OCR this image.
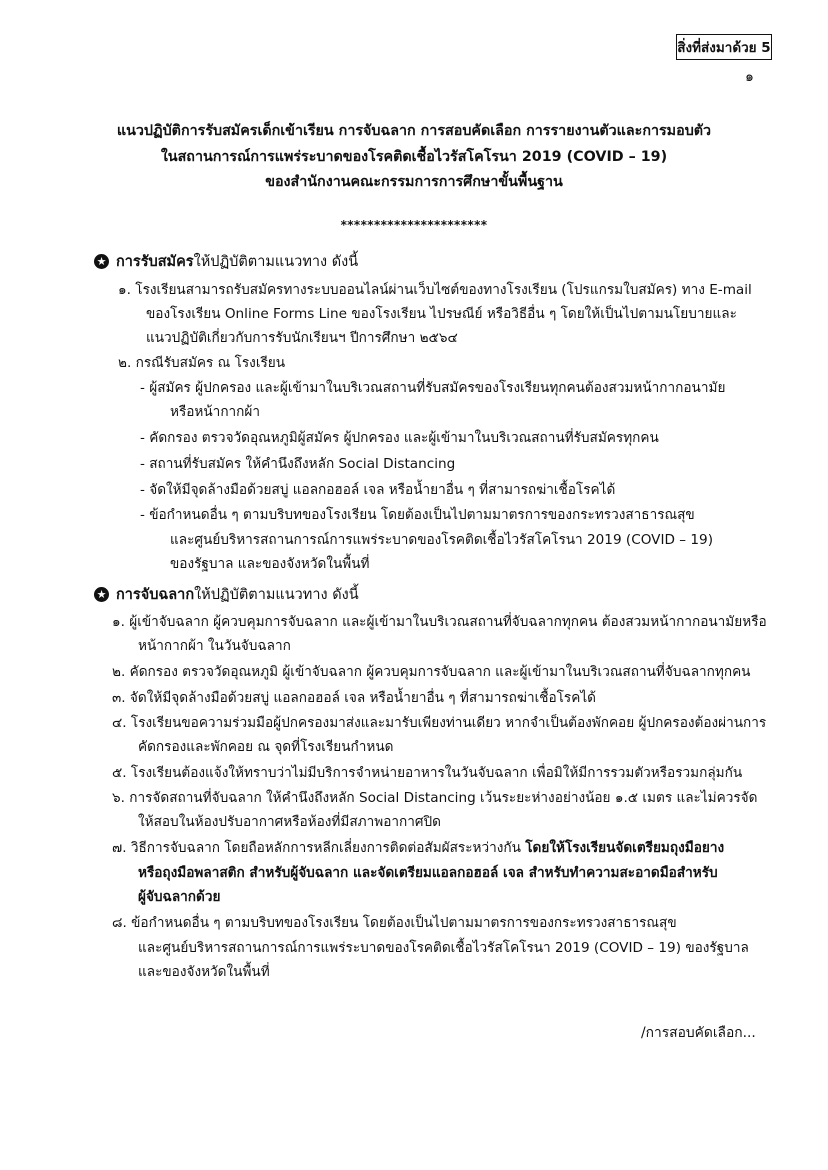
สิ่งที่ส่งมาด้วย 5
๑
แนวปฏิบัติการรับสมัครเด็กเข้าเรียน การจับฉลาก การสอบคัดเลือก การรายงานตัวและการมอบตัว
ในสถานการณ์การแพร่ระบาดของโรคติดเชื้อไวรัสโคโรนา 2019 (COVID – 19)
ของสำนักงานคณะกรรมการการศึกษาขั้นพื้นฐาน
**********************
★ การรับสมัคร ให้ปฏิบัติตามแนวทาง ดังนี้
๑. โรงเรียนสามารถรับสมัครทางระบบออนไลน์ผ่านเว็บไซต์ของทางโรงเรียน (โปรแกรมใบสมัคร) ทาง E-mail
ของโรงเรียน Online Forms Line ของโรงเรียน ไปรษณีย์ หรือวิธีอื่น ๆ โดยให้เป็นไปตามนโยบายและ
แนวปฏิบัติเกี่ยวกับการรับนักเรียนฯ ปีการศึกษา ๒๕๖๔
๒. กรณีรับสมัคร ณ โรงเรียน
- ผู้สมัคร ผู้ปกครอง และผู้เข้ามาในบริเวณสถานที่รับสมัครของโรงเรียนทุกคนต้องสวมหน้ากากอนามัย
หรือหน้ากากผ้า
- คัดกรอง ตรวจวัดอุณหภูมิผู้สมัคร ผู้ปกครอง และผู้เข้ามาในบริเวณสถานที่รับสมัครทุกคน
- สถานที่รับสมัคร ให้คำนึงถึงหลัก Social Distancing
- จัดให้มีจุดล้างมือด้วยสบู่ แอลกอฮอล์ เจล หรือน้ำยาอื่น ๆ ที่สามารถฆ่าเชื้อโรคได้
- ข้อกำหนดอื่น ๆ ตามบริบทของโรงเรียน โดยต้องเป็นไปตามมาตรการของกระทรวงสาธารณสุข
และศูนย์บริหารสถานการณ์การแพร่ระบาดของโรคติดเชื้อไวรัสโคโรนา 2019 (COVID – 19)
ของรัฐบาล และของจังหวัดในพื้นที่
★ การจับฉลาก ให้ปฏิบัติตามแนวทาง ดังนี้
๑. ผู้เข้าจับฉลาก ผู้ควบคุมการจับฉลาก และผู้เข้ามาในบริเวณสถานที่จับฉลากทุกคน ต้องสวมหน้ากากอนามัยหรือ
หน้ากากผ้า ในวันจับฉลาก
๒. คัดกรอง ตรวจวัดอุณหภูมิ ผู้เข้าจับฉลาก ผู้ควบคุมการจับฉลาก และผู้เข้ามาในบริเวณสถานที่จับฉลากทุกคน
๓. จัดให้มีจุดล้างมือด้วยสบู่ แอลกอฮอล์ เจล หรือน้ำยาอื่น ๆ ที่สามารถฆ่าเชื้อโรคได้
๔. โรงเรียนขอความร่วมมือผู้ปกครองมาส่งและมารับเพียงท่านเดียว หากจำเป็นต้องพักคอย ผู้ปกครองต้องผ่านการ
คัดกรองและพักคอย ณ จุดที่โรงเรียนกำหนด
๕. โรงเรียนต้องแจ้งให้ทราบว่าไม่มีบริการจำหน่ายอาหารในวันจับฉลาก เพื่อมิให้มีการรวมตัวหรือรวมกลุ่มกัน
๖. การจัดสถานที่จับฉลาก ให้คำนึงถึงหลัก Social Distancing เว้นระยะห่างอย่างน้อย ๑.๕ เมตร และไม่ควรจัด
ให้สอบในห้องปรับอากาศหรือห้องที่มีสภาพอากาศปิด
๗. วิธีการจับฉลาก โดยถือหลักการหลีกเลี่ยงการติดต่อสัมผัสระหว่างกัน โดยให้โรงเรียนจัดเตรียมถุงมือยาง
หรือถุงมือพลาสติก สำหรับผู้จับฉลาก และจัดเตรียมแอลกอฮอล์ เจล สำหรับทำความสะอาดมือสำหรับ
ผู้จับฉลากด้วย
๘. ข้อกำหนดอื่น ๆ ตามบริบทของโรงเรียน โดยต้องเป็นไปตามมาตรการของกระทรวงสาธารณสุข
และศูนย์บริหารสถานการณ์การแพร่ระบาดของโรคติดเชื้อไวรัสโคโรนา 2019 (COVID – 19) ของรัฐบาล
และของจังหวัดในพื้นที่
/การสอบคัดเลือก...
